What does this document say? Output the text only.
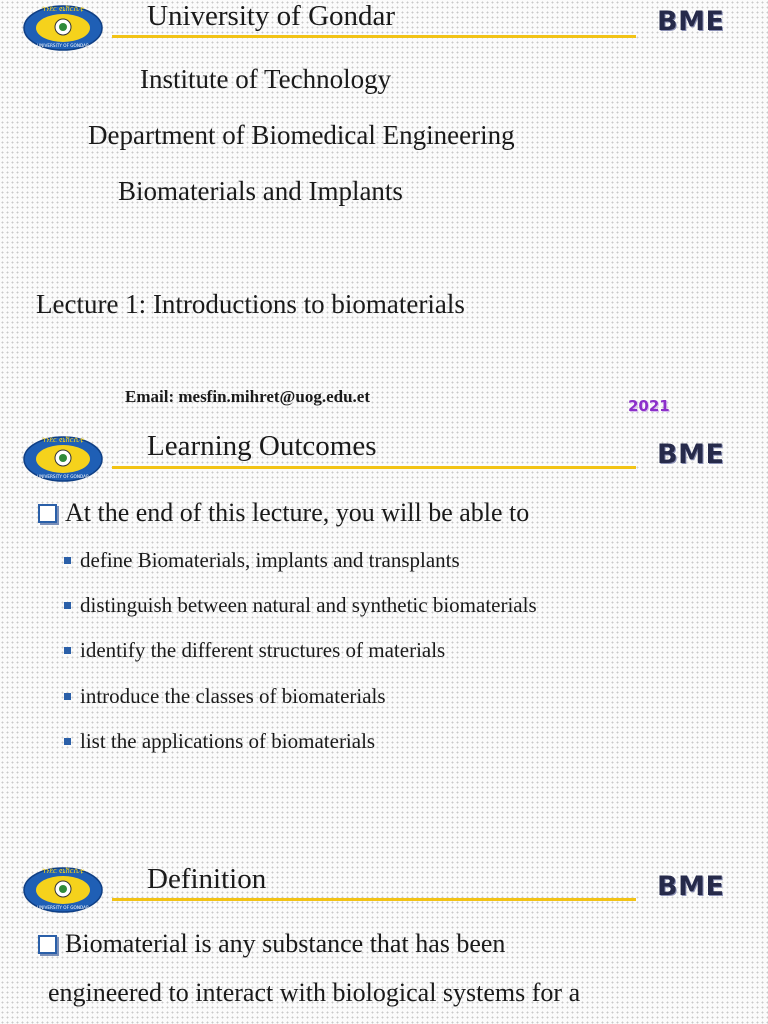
ጎንደር ዩኒቨርሲቲ
UNIVERSITY OF GONDAR
University of Gondar	BME
Institute of Technology
Department of Biomedical Engineering
Biomaterials and Implants
Lecture 1: Introductions to biomaterials
Email: mesfin.mihret@uog.edu.et	2021
ጎንደር ዩኒቨርሲቲ
UNIVERSITY OF GONDAR
Learning Outcomes	BME
At the end of this lecture, you will be able to
define Biomaterials, implants and transplants
distinguish between natural and synthetic biomaterials
identify the different structures of materials
introduce the classes of biomaterials
list the applications of biomaterials
ጎንደር ዩኒቨርሲቲ
UNIVERSITY OF GONDAR
Definition	BME
Biomaterial is any substance that has been
engineered to interact with biological systems for a
